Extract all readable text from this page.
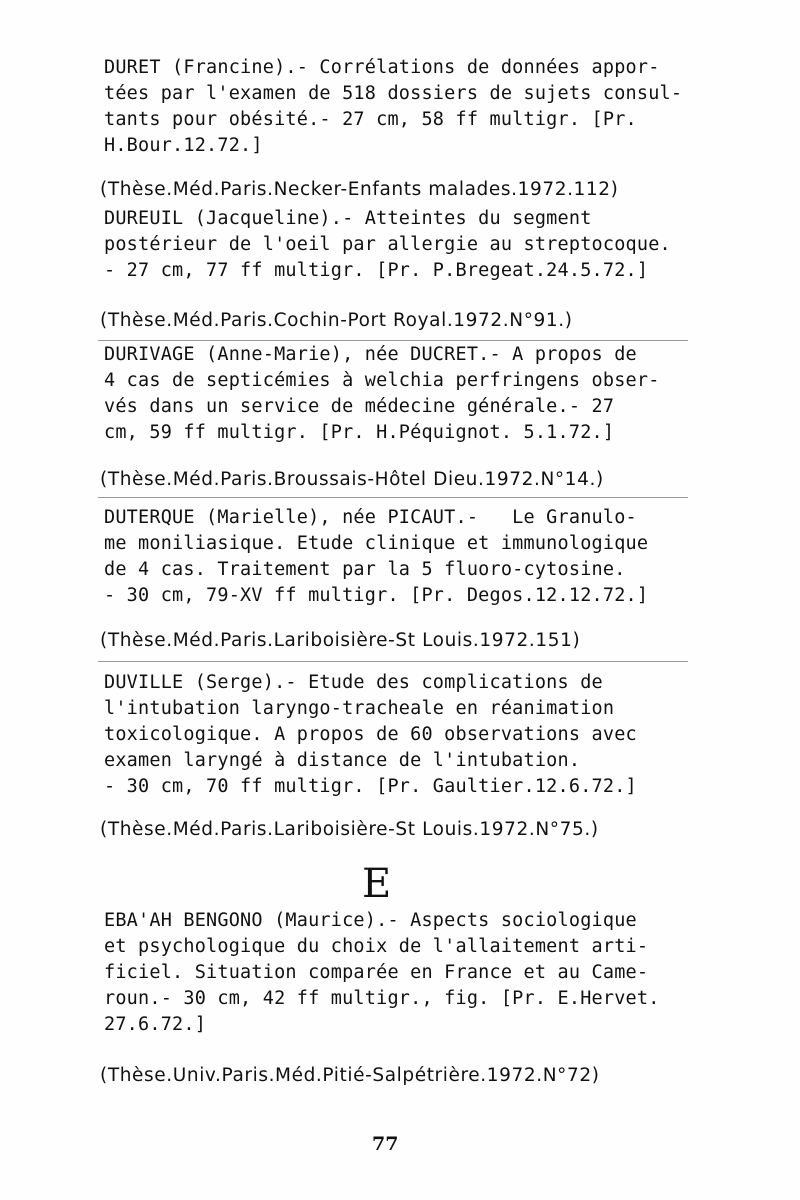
DURET (Francine).- Corrélations de données appor-
tées par l'examen de 518 dossiers de sujets consul-
tants pour obésité.- 27 cm, 58 ff multigr. [Pr.
H.Bour.12.72.]
(Thèse.Méd.Paris.Necker-Enfants malades.1972.112)
DUREUIL (Jacqueline).- Atteintes du segment
postérieur de l'oeil par allergie au streptocoque.
- 27 cm, 77 ff multigr. [Pr. P.Bregeat.24.5.72.]
(Thèse.Méd.Paris.Cochin-Port Royal.1972.N°91.)
DURIVAGE (Anne-Marie), née DUCRET.- A propos de
4 cas de septicémies à welchia perfringens obser-
vés dans un service de médecine générale.- 27
cm, 59 ff multigr. [Pr. H.Péquignot. 5.1.72.]
(Thèse.Méd.Paris.Broussais-Hôtel Dieu.1972.N°14.)
DUTERQUE (Marielle), née PICAUT.-   Le Granulo-
me moniliasique. Etude clinique et immunologique
de 4 cas. Traitement par la 5 fluoro-cytosine.
- 30 cm, 79-XV ff multigr. [Pr. Degos.12.12.72.]
(Thèse.Méd.Paris.Lariboisière-St Louis.1972.151)
DUVILLE (Serge).- Etude des complications de
l'intubation laryngo-tracheale en réanimation
toxicologique. A propos de 60 observations avec
examen laryngé à distance de l'intubation.
- 30 cm, 70 ff multigr. [Pr. Gaultier.12.6.72.]
(Thèse.Méd.Paris.Lariboisière-St Louis.1972.N°75.)
E
EBA'AH BENGONO (Maurice).- Aspects sociologique
et psychologique du choix de l'allaitement arti-
ficiel. Situation comparée en France et au Came-
roun.- 30 cm, 42 ff multigr., fig. [Pr. E.Hervet.
27.6.72.]
(Thèse.Univ.Paris.Méd.Pitié-Salpétrière.1972.N°72)
77
